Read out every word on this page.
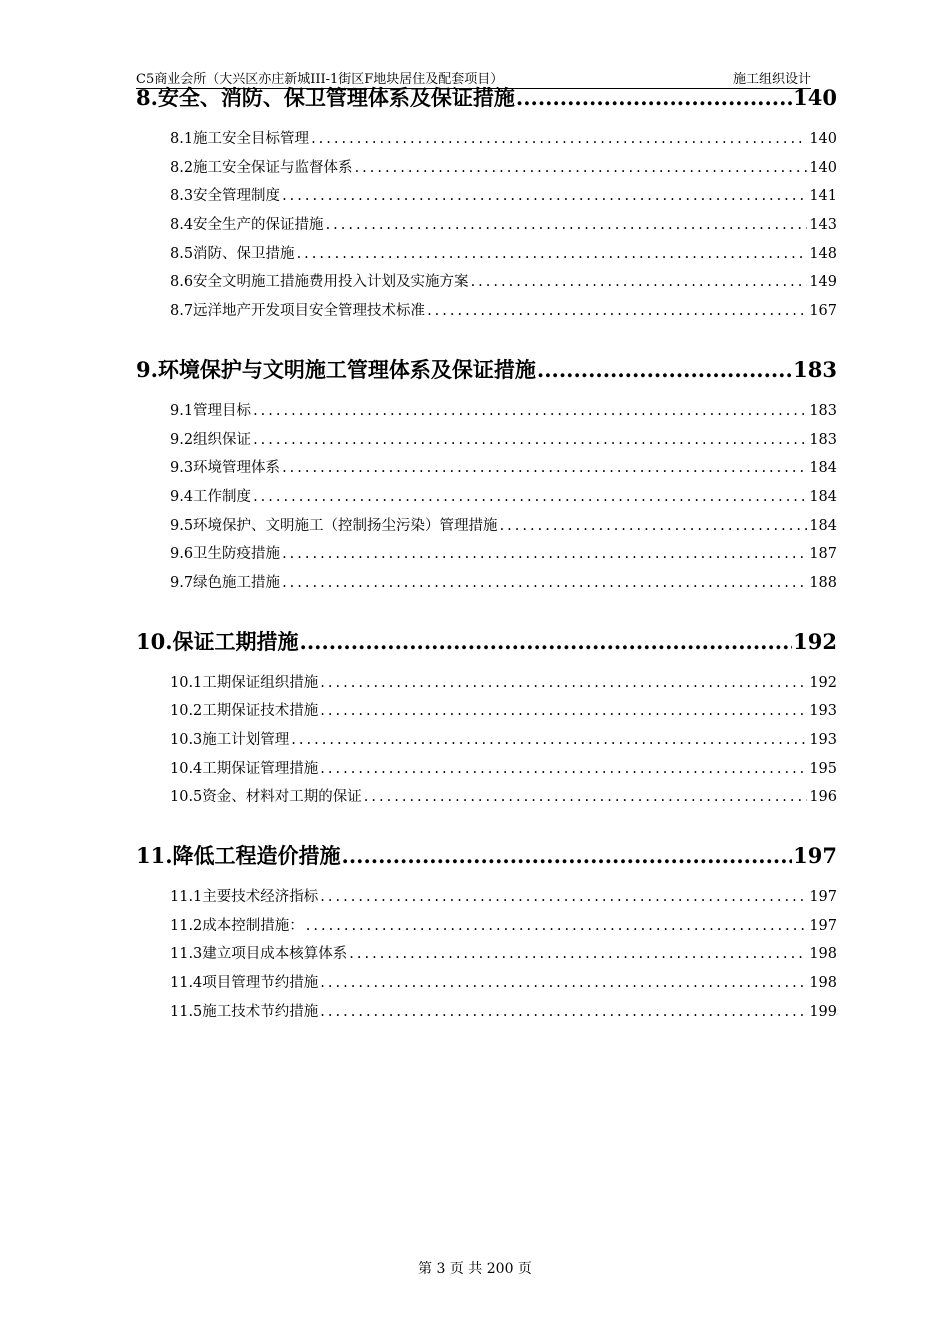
C5商业会所（大兴区亦庄新城III-1街区F地块居住及配套项目）	施工组织设计
8.安全、消防、保卫管理体系及保证措施 .....	140
8.1施工安全目标管理 .....	140
8.2施工安全保证与监督体系 .....	140
8.3安全管理制度 .....	141
8.4安全生产的保证措施 .....	143
8.5消防、保卫措施 .....	148
8.6安全文明施工措施费用投入计划及实施方案 .....	149
8.7远洋地产开发项目安全管理技术标准 .....	167
9.环境保护与文明施工管理体系及保证措施 .....	183
9.1管理目标 .....	183
9.2组织保证 .....	183
9.3环境管理体系 .....	184
9.4工作制度 .....	184
9.5环境保护、文明施工（控制扬尘污染）管理措施 .....	184
9.6卫生防疫措施 .....	187
9.7绿色施工措施 .....	188
10.保证工期措施 .....	192
10.1工期保证组织措施 .....	192
10.2工期保证技术措施 .....	193
10.3施工计划管理 .....	193
10.4工期保证管理措施 .....	195
10.5资金、材料对工期的保证 .....	196
11.降低工程造价措施 .....	197
11.1主要技术经济指标 .....	197
11.2成本控制措施： .....	197
11.3建立项目成本核算体系 .....	198
11.4项目管理节约措施 .....	198
11.5施工技术节约措施 .....	199
第 3 页 共 200 页
